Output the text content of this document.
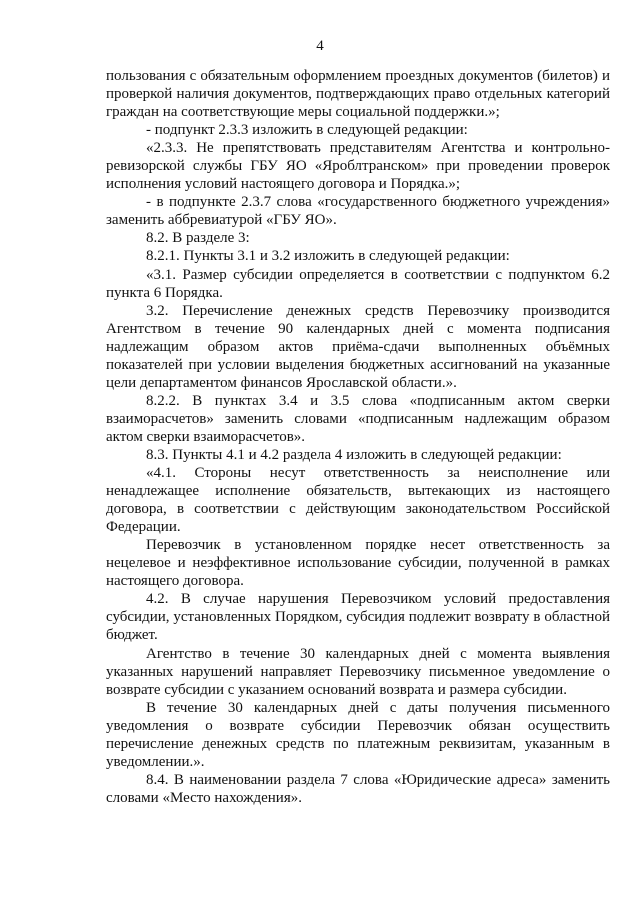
4

пользования с обязательным оформлением проездных документов (билетов) и проверкой наличия документов, подтверждающих право отдельных категорий граждан на соответствующие меры социальной поддержки.»;

- подпункт 2.3.3 изложить в следующей редакции:

«2.3.3. Не препятствовать представителям Агентства и контрольно-ревизорской службы ГБУ ЯО «Яроблтранском» при проведении проверок исполнения условий настоящего договора и Порядка.»;

- в подпункте 2.3.7 слова «государственного бюджетного учреждения» заменить аббревиатурой «ГБУ ЯО».

8.2. В разделе 3:

8.2.1. Пункты 3.1 и 3.2 изложить в следующей редакции:

«3.1. Размер субсидии определяется в соответствии с подпунктом 6.2 пункта 6 Порядка.

3.2. Перечисление денежных средств Перевозчику производится Агентством в течение 90 календарных дней с момента подписания надлежащим образом актов приёма-сдачи выполненных объёмных показателей при условии выделения бюджетных ассигнований на указанные цели департаментом финансов Ярославской области.».

8.2.2. В пунктах 3.4 и 3.5 слова «подписанным актом сверки взаиморасчетов» заменить словами «подписанным надлежащим образом актом сверки взаиморасчетов».

8.3. Пункты 4.1 и 4.2 раздела 4 изложить в следующей редакции:

«4.1. Стороны несут ответственность за неисполнение или ненадлежащее исполнение обязательств, вытекающих из настоящего договора, в соответствии с действующим законодательством Российской Федерации.

Перевозчик в установленном порядке несет ответственность за нецелевое и неэффективное использование субсидии, полученной в рамках настоящего договора.

4.2. В случае нарушения Перевозчиком условий предоставления субсидии, установленных Порядком, субсидия подлежит возврату в областной бюджет.

Агентство в течение 30 календарных дней с момента выявления указанных нарушений направляет Перевозчику письменное уведомление о возврате субсидии с указанием оснований возврата и размера субсидии.

В течение 30 календарных дней с даты получения письменного уведомления о возврате субсидии Перевозчик обязан осуществить перечисление денежных средств по платежным реквизитам, указанным в уведомлении.».

8.4. В наименовании раздела 7 слова «Юридические адреса» заменить словами «Место нахождения».
